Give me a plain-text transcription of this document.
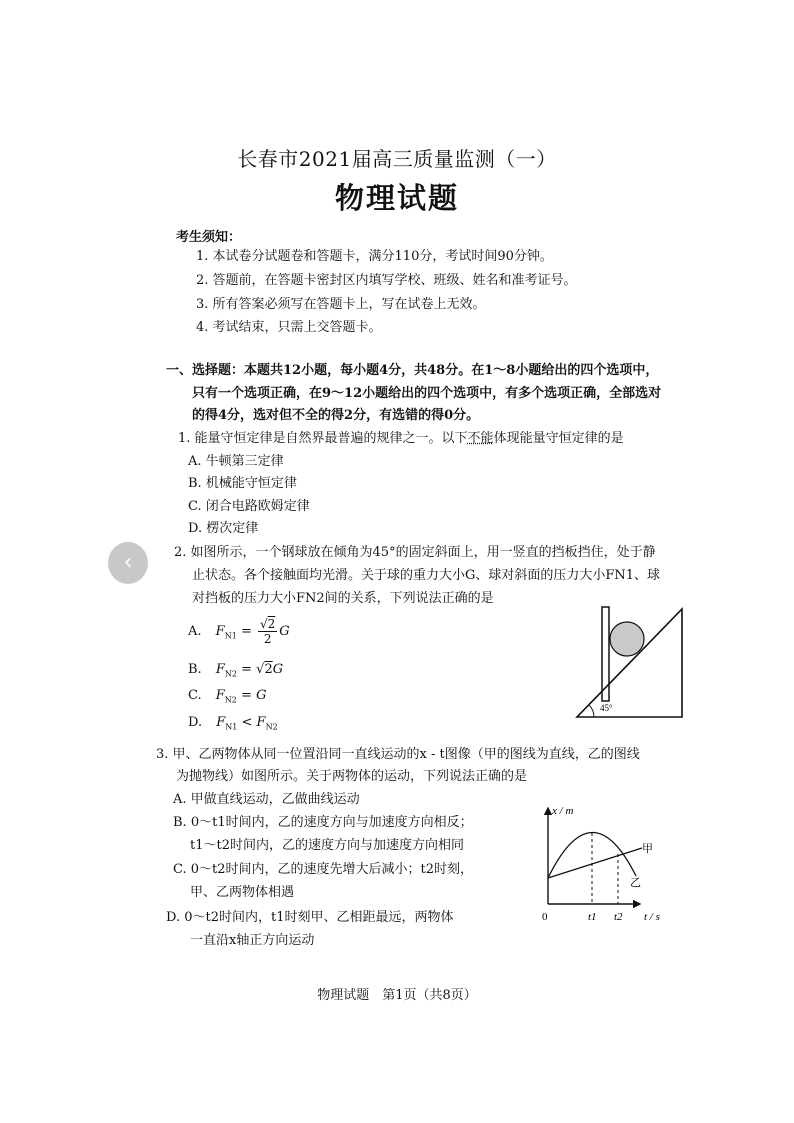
长春市2021届高三质量监测（一）
物理试题
考生须知：
1. 本试卷分试题卷和答题卡，满分110分，考试时间90分钟。
2. 答题前，在答题卡密封区内填写学校、班级、姓名和准考证号。
3. 所有答案必须写在答题卡上，写在试卷上无效。
4. 考试结束，只需上交答题卡。
一、选择题：本题共12小题，每小题4分，共48分。在1～8小题给出的四个选项中，
只有一个选项正确，在9～12小题给出的四个选项中，有多个选项正确，全部选对
的得4分，选对但不全的得2分，有选错的得0分。
1. 能量守恒定律是自然界最普遍的规律之一。以下不能体现能量守恒定律的是
A. 牛顿第三定律
B. 机械能守恒定律
C. 闭合电路欧姆定律
D. 楞次定律
‹	2. 如图所示，一个钢球放在倾角为45°的固定斜面上，用一竖直的挡板挡住，处于静
止状态。各个接触面均光滑。关于球的重力大小G、球对斜面的压力大小FN1、球
对挡板的压力大小FN2间的关系，下列说法正确的是
A. $F_{N1} = \frac{√2}{2}$ G
B. $F_{N2} = √2G$
C. $F_{N2} = G$
D. $F_{N1} < F_{N2}$
45°
3. 甲、乙两物体从同一位置沿同一直线运动的x - t图像（甲的图线为直线，乙的图线
为抛物线）如图所示。关于两物体的运动，下列说法正确的是
A. 甲做直线运动，乙做曲线运动
B. 0～t1时间内，乙的速度方向与加速度方向相反；
t1～t2时间内，乙的速度方向与加速度方向相同
C. 0～t2时间内，乙的速度先增大后减小；t2时刻，
甲、乙两物体相遇
D. 0～t2时间内，t1时刻甲、乙相距最远，两物体
一直沿x轴正方向运动
x / m
t / s
0	t1 t2
甲
乙
物理试题　第1页（共8页）
